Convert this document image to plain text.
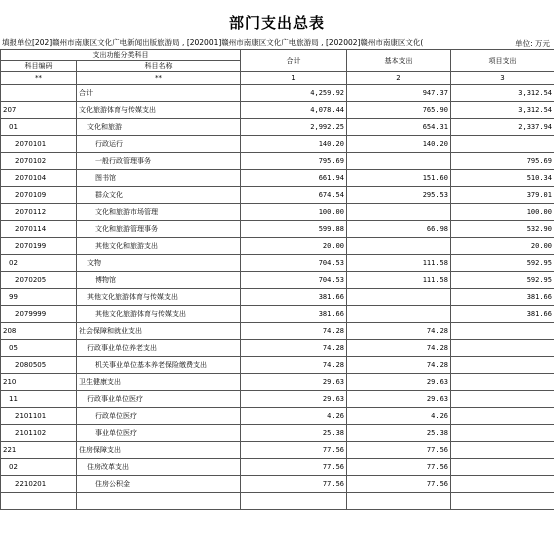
部门支出总表
填报单位[202]赣州市南康区文化广电新闻出版旅游局 , [202001]赣州市南康区文化广电旅游局 , [202002]赣州市南康区文化(	单位: 万元
支出功能分类科目		合计	基本支出	项目支出
科目编码	科目名称			
**	**	1	2	3
	合计	4,259.92	947.37	3,312.54
207	文化旅游体育与传媒支出	4,078.44	765.90	3,312.54
01	文化和旅游	2,992.25	654.31	2,337.94
2070101	行政运行	140.20	140.20	
2070102	一般行政管理事务	795.69		795.69
2070104	图书馆	661.94	151.60	510.34
2070109	群众文化	674.54	295.53	379.01
2070112	文化和旅游市场管理	100.00		100.00
2070114	文化和旅游管理事务	599.88	66.98	532.90
2070199	其他文化和旅游支出	20.00		20.00
02	文物	704.53	111.58	592.95
2070205	博物馆	704.53	111.58	592.95
99	其他文化旅游体育与传媒支出	381.66		381.66
2079999	其他文化旅游体育与传媒支出	381.66		381.66
208	社会保障和就业支出	74.28	74.28	
05	行政事业单位养老支出	74.28	74.28	
2080505	机关事业单位基本养老保险缴费支出	74.28	74.28	
210	卫生健康支出	29.63	29.63	
11	行政事业单位医疗	29.63	29.63	
2101101	行政单位医疗	4.26	4.26	
2101102	事业单位医疗	25.38	25.38	
221	住房保障支出	77.56	77.56	
02	住房改革支出	77.56	77.56	
2210201	住房公积金	77.56	77.56	
